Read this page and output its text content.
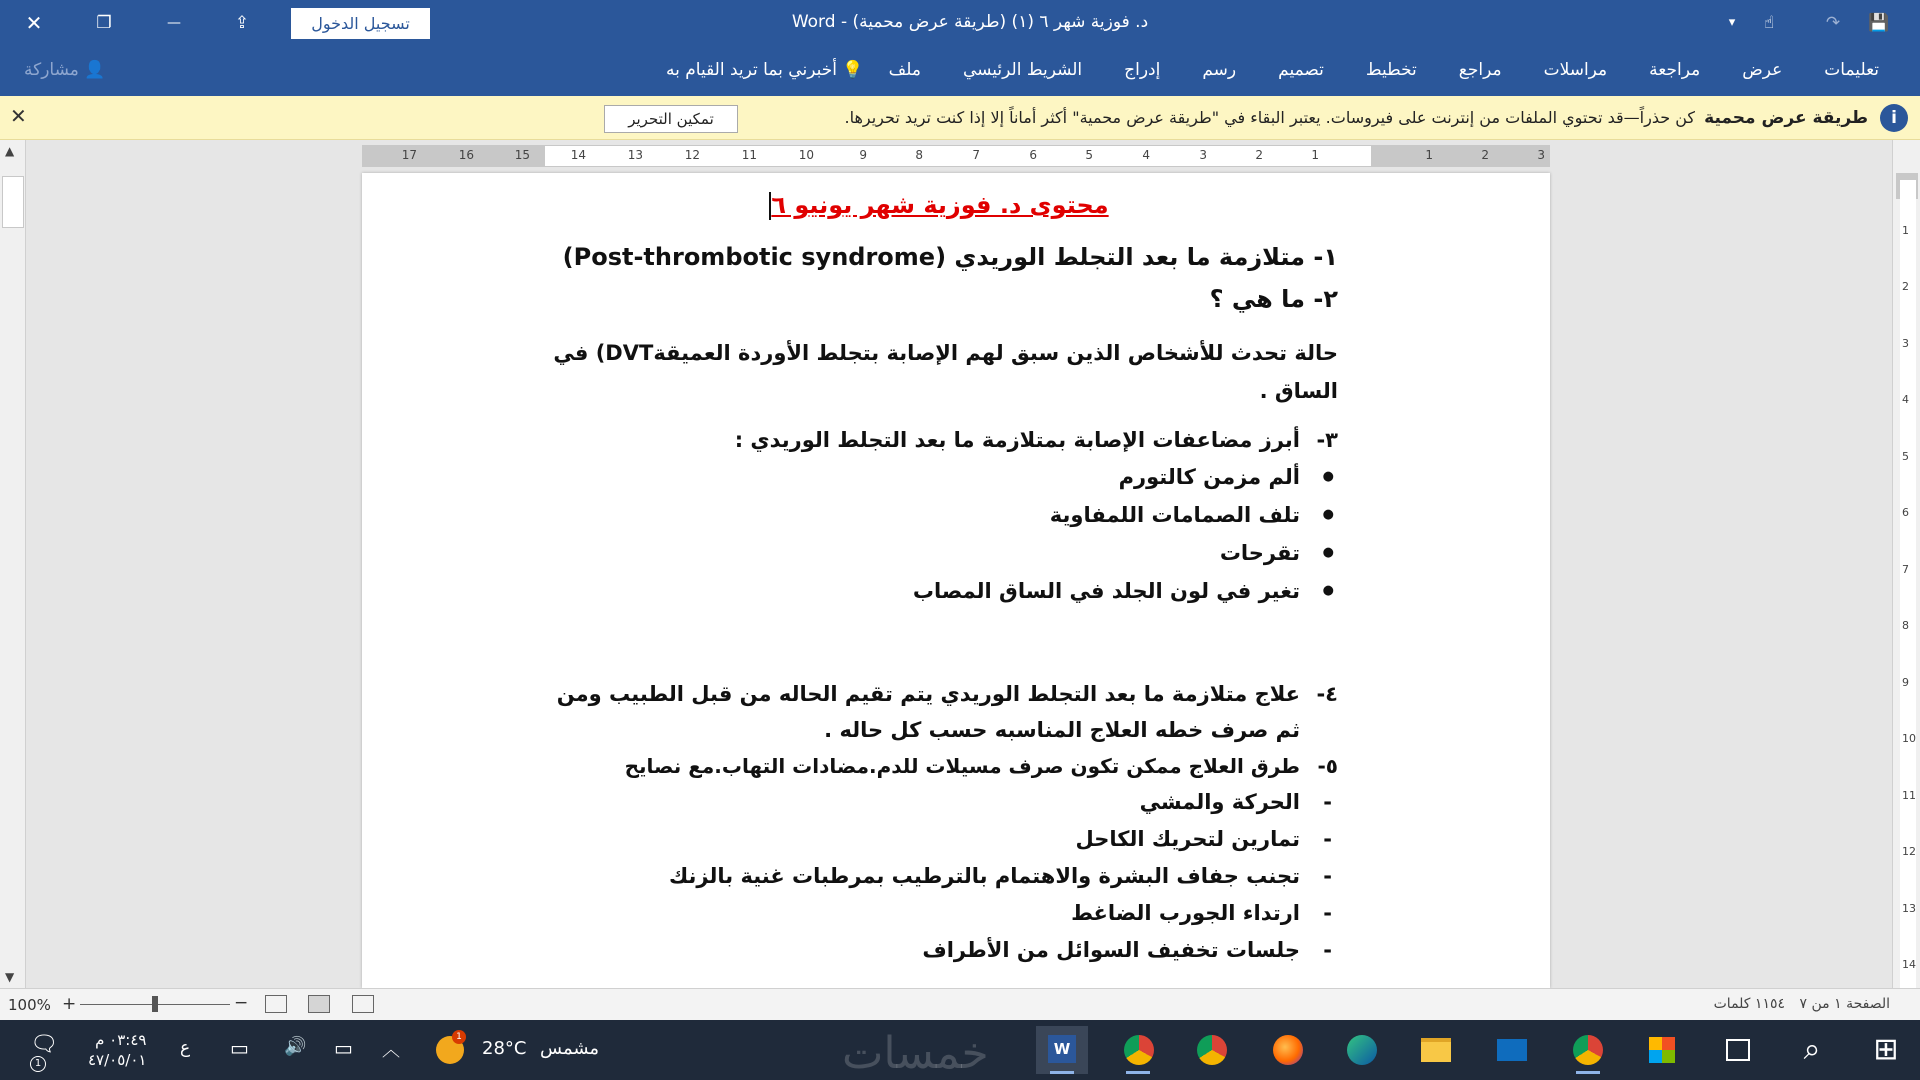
✕	❐	—	⇪	تسجيل الدخول	د. فوزية شهر ٦ (١) (طريقة عرض محمية) - Word	▾	☝	↷	💾
ملف	الشريط الرئيسي	إدراج	رسم	تصميم	تخطيط	مراجع	مراسلات	مراجعة	عرض	تعليمات
💡 أخبرني بما تريد القيام به
👤 مشاركة
i
طريقة عرض محمية
كن حذراً—قد تحتوي الملفات من إنترنت على فيروسات. يعتبر البقاء في "طريقة عرض محمية" أكثر أماناً إلا إذا كنت تريد تحريرها.
تمكين التحرير
✕
▲
▼
3
2
1
1
2
3
4
5
6
7
8
9
10
11
12
13
14
15
16
17
محتوى د. فوزية شهر يونيو ٦
١- متلازمة ما بعد التجلط الوريدي (Post-thrombotic syndrome)
٢- ما هي ؟
حالة تحدث للأشخاص الذين سبق لهم الإصابة بتجلط الأوردة العميقةDVT) في الساق .
٣-
أبرز مضاعفات الإصابة بمتلازمة ما بعد التجلط الوريدي :
● ألم مزمن كالتورم
● تلف الصمامات اللمفاوية
● تقرحات
● تغير في لون الجلد في الساق المصاب
٤-
علاج متلازمة ما بعد التجلط الوريدي يتم تقيم الحاله من قبل الطبيب ومن ثم صرف خطه العلاج المناسبه حسب كل حاله .
٥-
طرق العلاج ممكن تكون صرف مسيلات للدم.مضادات التهاب.مع نصايح
- الحركة والمشي
- تمارين لتحريك الكاحل
- تجنب جفاف البشرة والاهتمام بالترطيب بمرطبات غنية بالزنك
- ارتداء الجورب الضاغط
- جلسات تخفيف السوائل من الأطراف
1
2
3
4
5
6
7
8
9
10
11
12
13
14
الصفحة ١ من ٧
١١٥٤ كلمات
100% +	−
🗨
1
٠٣:٤٩ م
٤٧/٠٥/٠١
ع ▭	🔊	▭	︿
1
28°C مشمس	خمسات	W	⌕	⊞
